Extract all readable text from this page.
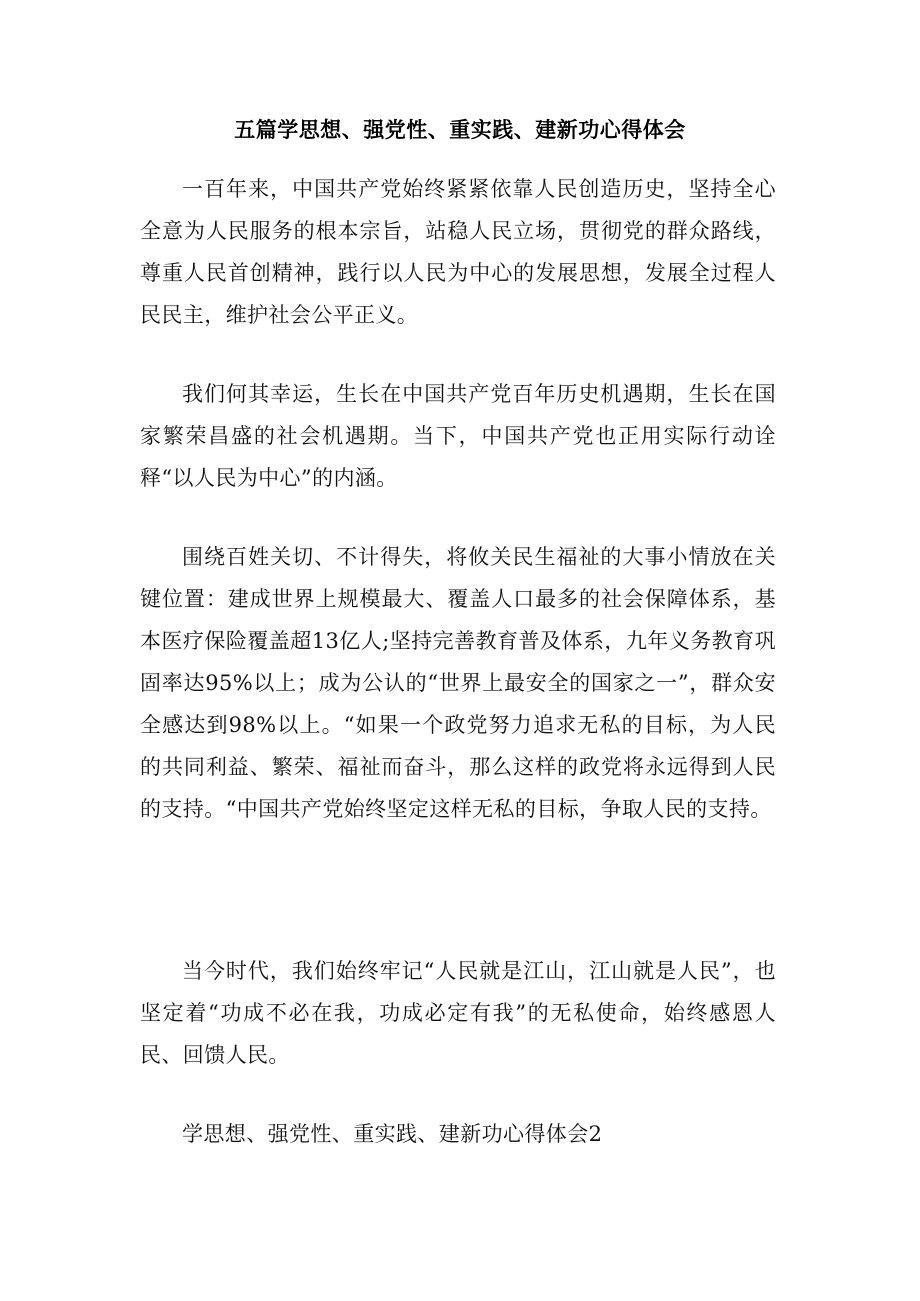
五篇学思想、强党性、重实践、建新功心得体会

一百年来，中国共产党始终紧紧依靠人民创造历史，坚持全心全意为人民服务的根本宗旨，站稳人民立场，贯彻党的群众路线，尊重人民首创精神，践行以人民为中心的发展思想，发展全过程人民民主，维护社会公平正义。

我们何其幸运，生长在中国共产党百年历史机遇期，生长在国家繁荣昌盛的社会机遇期。当下，中国共产党也正用实际行动诠释“以人民为中心”的内涵。

围绕百姓关切、不计得失，将攸关民生福祉的大事小情放在关键位置：建成世界上规模最大、覆盖人口最多的社会保障体系，基本医疗保险覆盖超13亿人;坚持完善教育普及体系，九年义务教育巩固率达95%以上；成为公认的“世界上最安全的国家之一”，群众安全感达到98%以上。“如果一个政党努力追求无私的目标，为人民的共同利益、繁荣、福祉而奋斗，那么这样的政党将永远得到人民的支持。“中国共产党始终坚定这样无私的目标，争取人民的支持。

当今时代，我们始终牢记“人民就是江山，江山就是人民”，也坚定着“功成不必在我，功成必定有我”的无私使命，始终感恩人民、回馈人民。

学思想、强党性、重实践、建新功心得体会2
